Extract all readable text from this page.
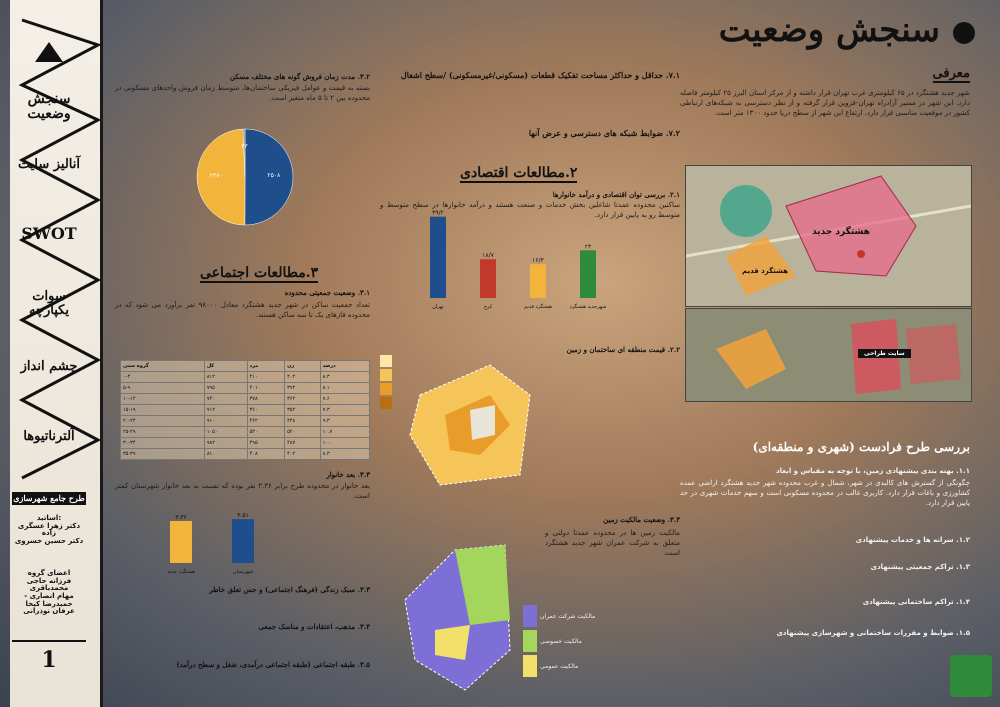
سنجش وضعیت
آنالیز سایت
SWOT
سوات یکپارچه
چشم انداز
آلترناتیوها
طرح جامع شهرسازی
اساتید:
دکتر زهرا عسگری زاده
دکتر حسین خسروی
اعضای گروه
فرزانه حاجی محمدباقری
مهام انصاری - حمیدرضا کیخا
عرفان نوذرانی
1
سنجش وضعیت
معرفی
شهر جدید هشتگرد در ۶۵ کیلومتری غرب تهران قرار داشته و از مرکز استان البرز ۲۵ کیلومتر فاصله دارد. این شهر در مسیر آزادراه تهران-قزوین قرار گرفته و از نظر دسترسی به شبکه‌های ارتباطی کشور در موقعیت مناسبی قرار دارد. ارتفاع این شهر از سطح دریا حدود ۱۳۰۰ متر است.
هشتگرد جدید
هشتگرد قدیم
سایت طراحی
بررسی طرح فرادست (شهری و منطقه‌ای)
۱.۱. بهنه بندی پیشنهادی زمین، با توجه به مقیاس و ابعاد
چگونگی از گسترش های کالبدی در شهر، شمال و غرب محدوده شهر جدید هشتگرد اراضی عمده کشاورزی و باغات قرار دارد. کاربری غالب در محدوده مسکونی است و سهم خدمات شهری در حد پایین قرار دارد.
۱.۲. سرانه ها و خدمات پیشنهادی
۱.۳. تراکم جمعیتی پیشنهادی
۱.۴. تراکم ساختمانی پیشنهادی
۱.۵. ضوابط و مقررات ساختمانی و شهرسازی پیشنهادی
۷.۱. حداقل و حداکثر مساحت تفکیک قطعات (مسکونی/غیرمسکونی) /سطح اشغال
۷.۲. ضوابط شبکه های دسترسی و عرض آنها
۲.مطالعات اقتصادی
۲.۱. بررسی توان اقتصادی و درآمد خانوارها
ساکنین محدوده عمدتا شاغلین بخش خدمات و صنعت هستند و درآمد خانوارها در سطح متوسط و متوسط رو به پایین قرار دارد.
۳۹/۲
تهران
۱۸/۷
کرج
۱۶/۳
هشتگرد قدیم
۲۳
شهرجدید هشتگرد
۲.۲. قیمت منطقه ای ساختمان و زمین
۳.۳. وضعیت مالکیت زمین
مالکیت زمین ها در محدوده عمدتا دولتی و متعلق به شرکت عمران شهر جدید هشتگرد است.
مالکیت شرکت عمران
مالکیت خصوصی
مالکیت عمومی
۳.۲. مدت زمان فروش گونه های مختلف مسکن
بسته به قیمت و عوامل فیزیکی ساختمان‌ها، متوسط زمان فروش واحدهای مسکونی در محدوده بین ۲ تا ۵ ماه متغیر است.
۲۵۰۸
۲۴۷۰
۳۳
۳.مطالعات اجتماعی
۳.۱. وضعیت جمعیتی محدوده
تعداد جمعیت ساکن در شهر جدید هشتگرد معادل ۹۸۰۰۰ نفر برآورد می شود که در محدوده فازهای یک تا سه ساکن هستند.
گروه سنی	کل	مرد	زن	درصد
۰-۴	۸۱۲	۴۱۰	۴۰۲	۸.۳
۵-۹	۷۹۵	۴۰۱	۳۹۴	۸.۱
۱۰-۱۴	۷۴۰	۳۷۸	۳۶۲	۷.۶
۱۵-۱۹	۷۱۲	۳۶۰	۳۵۲	۷.۳
۲۰-۲۴	۹۱۰	۴۶۲	۴۴۸	۹.۳
۲۵-۲۹	۱۰۵۰	۵۳۰	۵۲۰	۱۰.۷
۳۰-۳۴	۹۸۲	۴۹۵	۴۸۷	۱۰.۰
۳۵-۳۹	۸۱۰	۴۰۸	۴۰۲	۸.۳
۳.۳. بعد خانوار
بعد خانوار در محدوده طرح برابر ۳.۳۶ نفر بوده که نسبت به بعد خانوار شهرستان کمتر است.
۳.۳۶
هشتگرد جدید
۳.۵۱
شهرستان
۳.۳. سبک زندگی (فرهنگ اجتماعی) و حس تعلق خاطر
۳.۴. مذهب، اعتقادات و مناسک جمعی
۳.۵. طبقه اجتماعی (طبقه اجتماعی درآمدی، شغل و سطح درآمد)
